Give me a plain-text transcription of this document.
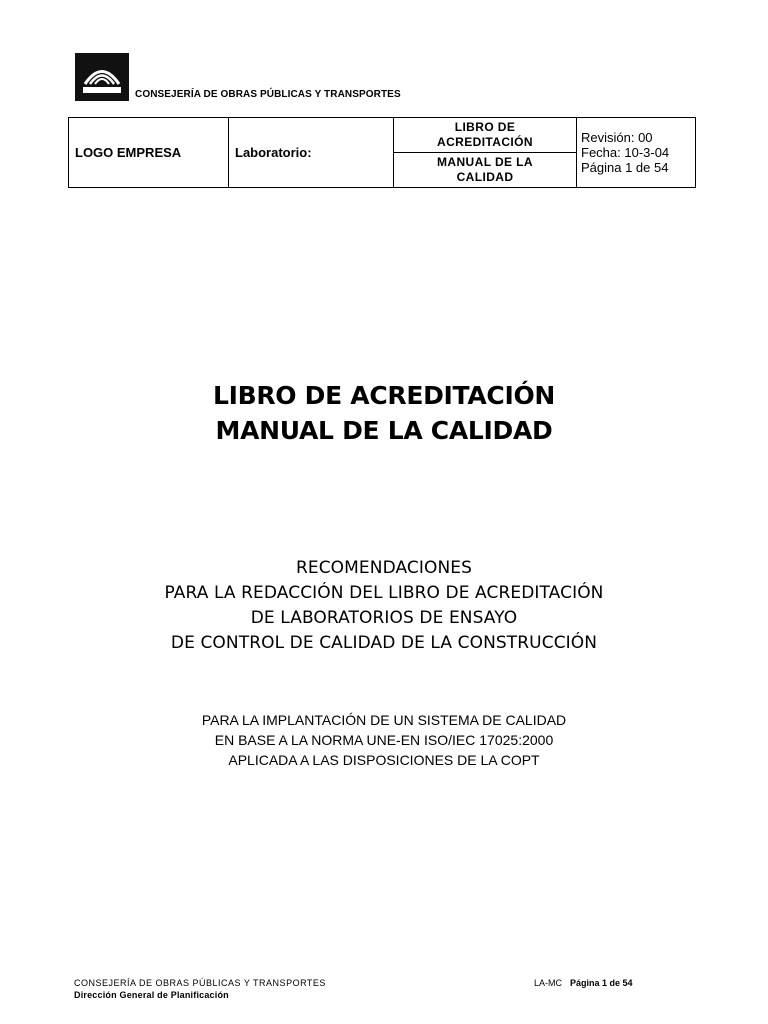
CONSEJERÍA DE OBRAS PÚBLICAS Y TRANSPORTES
LOGO EMPRESA	Laboratorio:
LIBRO DE
ACREDITACIÓN
MANUAL DE LA
CALIDAD
Revisión: 00
Fecha: 10-3-04
Página 1 de 54
LIBRO DE ACREDITACIÓN
MANUAL DE LA CALIDAD
RECOMENDACIONES
PARA LA REDACCIÓN DEL LIBRO DE ACREDITACIÓN
DE LABORATORIOS DE ENSAYO
DE CONTROL DE CALIDAD DE LA CONSTRUCCIÓN
PARA LA IMPLANTACIÓN DE UN SISTEMA DE CALIDAD
EN BASE A LA NORMA UNE-EN ISO/IEC 17025:2000
APLICADA A LAS DISPOSICIONES DE LA COPT
CONSEJERÍA DE OBRAS PÚBLICAS Y TRANSPORTES
Dirección General de Planificación
LA-MC Página 1 de 54
